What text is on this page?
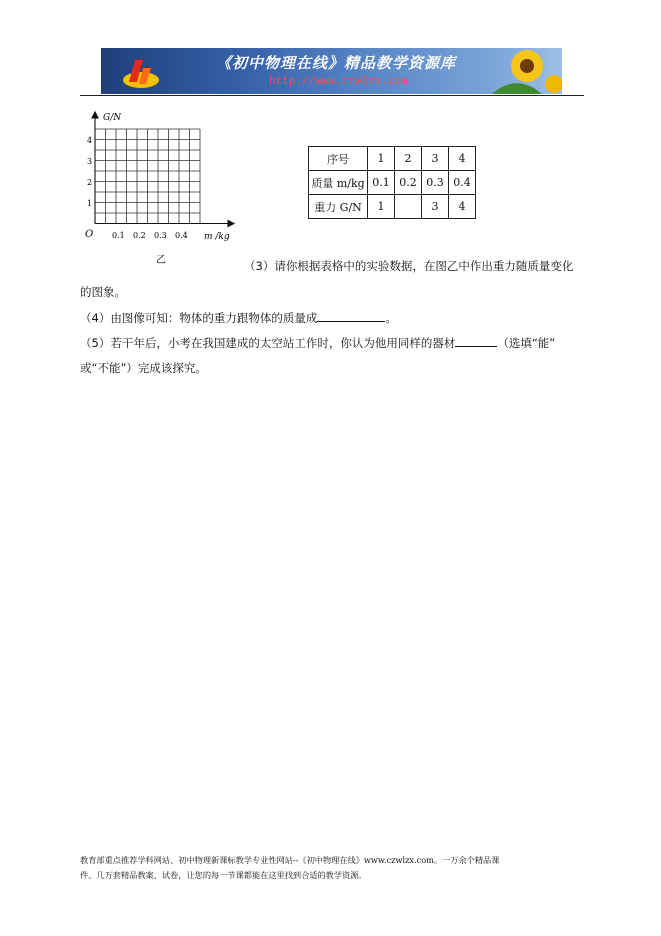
《初中物理在线》精品教学资源库
http://www.czwlzx.com
G/N
m /kg
O 0.1 0.2 0.3 0.4
1
2
3
4
乙
序号	1	2	3	4
质量 m/kg	0.1	0.2	0.3	0.4
重力 G/N	1		3	4
（3）请你根据表格中的实验数据，在图乙中作出重力随质量变化
的图象。
（4）由图像可知：物体的重力跟物体的质量成	。
（5）若干年后，小考在我国建成的太空站工作时，你认为他用同样的器材	（选填“能”
或“不能”）完成该探究。
教育部重点推荐学科网站、初中物理新课标教学专业性网站--《初中物理在线》www.czwlzx.com。一万余个精品课
件、几万套精品教案、试卷，让您的每一节课都能在这里找到合适的教学资源。
